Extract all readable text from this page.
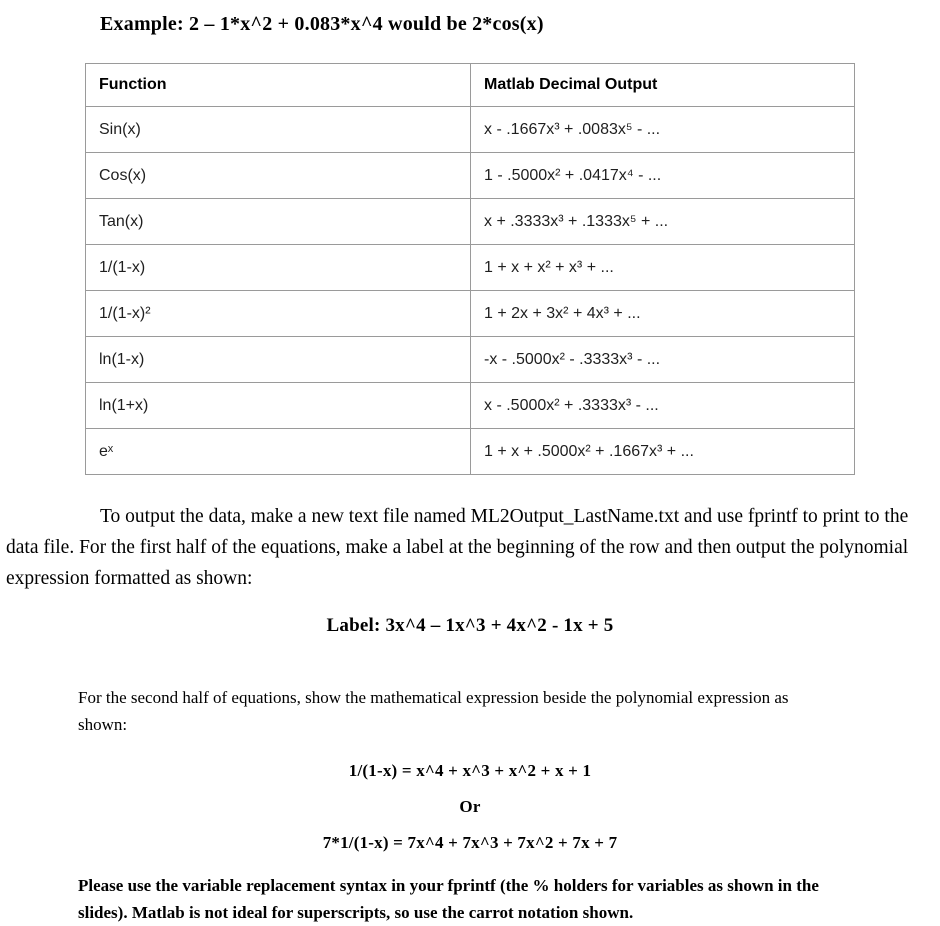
Example: 2 – 1*x^2 + 0.083*x^4 would be 2*cos(x)
Function	Matlab Decimal Output
Sin(x)	x - .1667x³ + .0083x⁵ - ...
Cos(x)	1 - .5000x² + .0417x⁴ - ...
Tan(x)	x + .3333x³ + .1333x⁵ + ...
1/(1-x)	1 + x + x² + x³ + ...
1/(1-x)²	1 + 2x + 3x² + 4x³ + ...
ln(1-x)	-x - .5000x² - .3333x³ - ...
ln(1+x)	x - .5000x² + .3333x³ - ...
eˣ	1 + x + .5000x² + .1667x³ + ...

To output the data, make a new text file named ML2Output_LastName.txt and use fprintf to print to the data file. For the first half of the equations, make a label at the beginning of the row and then output the polynomial expression formatted as shown:

Label: 3x^4 – 1x^3 + 4x^2 - 1x + 5

For the second half of equations, show the mathematical expression beside the polynomial expression as shown:

1/(1-x) = x^4 + x^3 + x^2 + x + 1
Or
7*1/(1-x) = 7x^4 + 7x^3 + 7x^2 + 7x + 7

Please use the variable replacement syntax in your fprintf (the % holders for variables as shown in the slides). Matlab is not ideal for superscripts, so use the carrot notation shown.
